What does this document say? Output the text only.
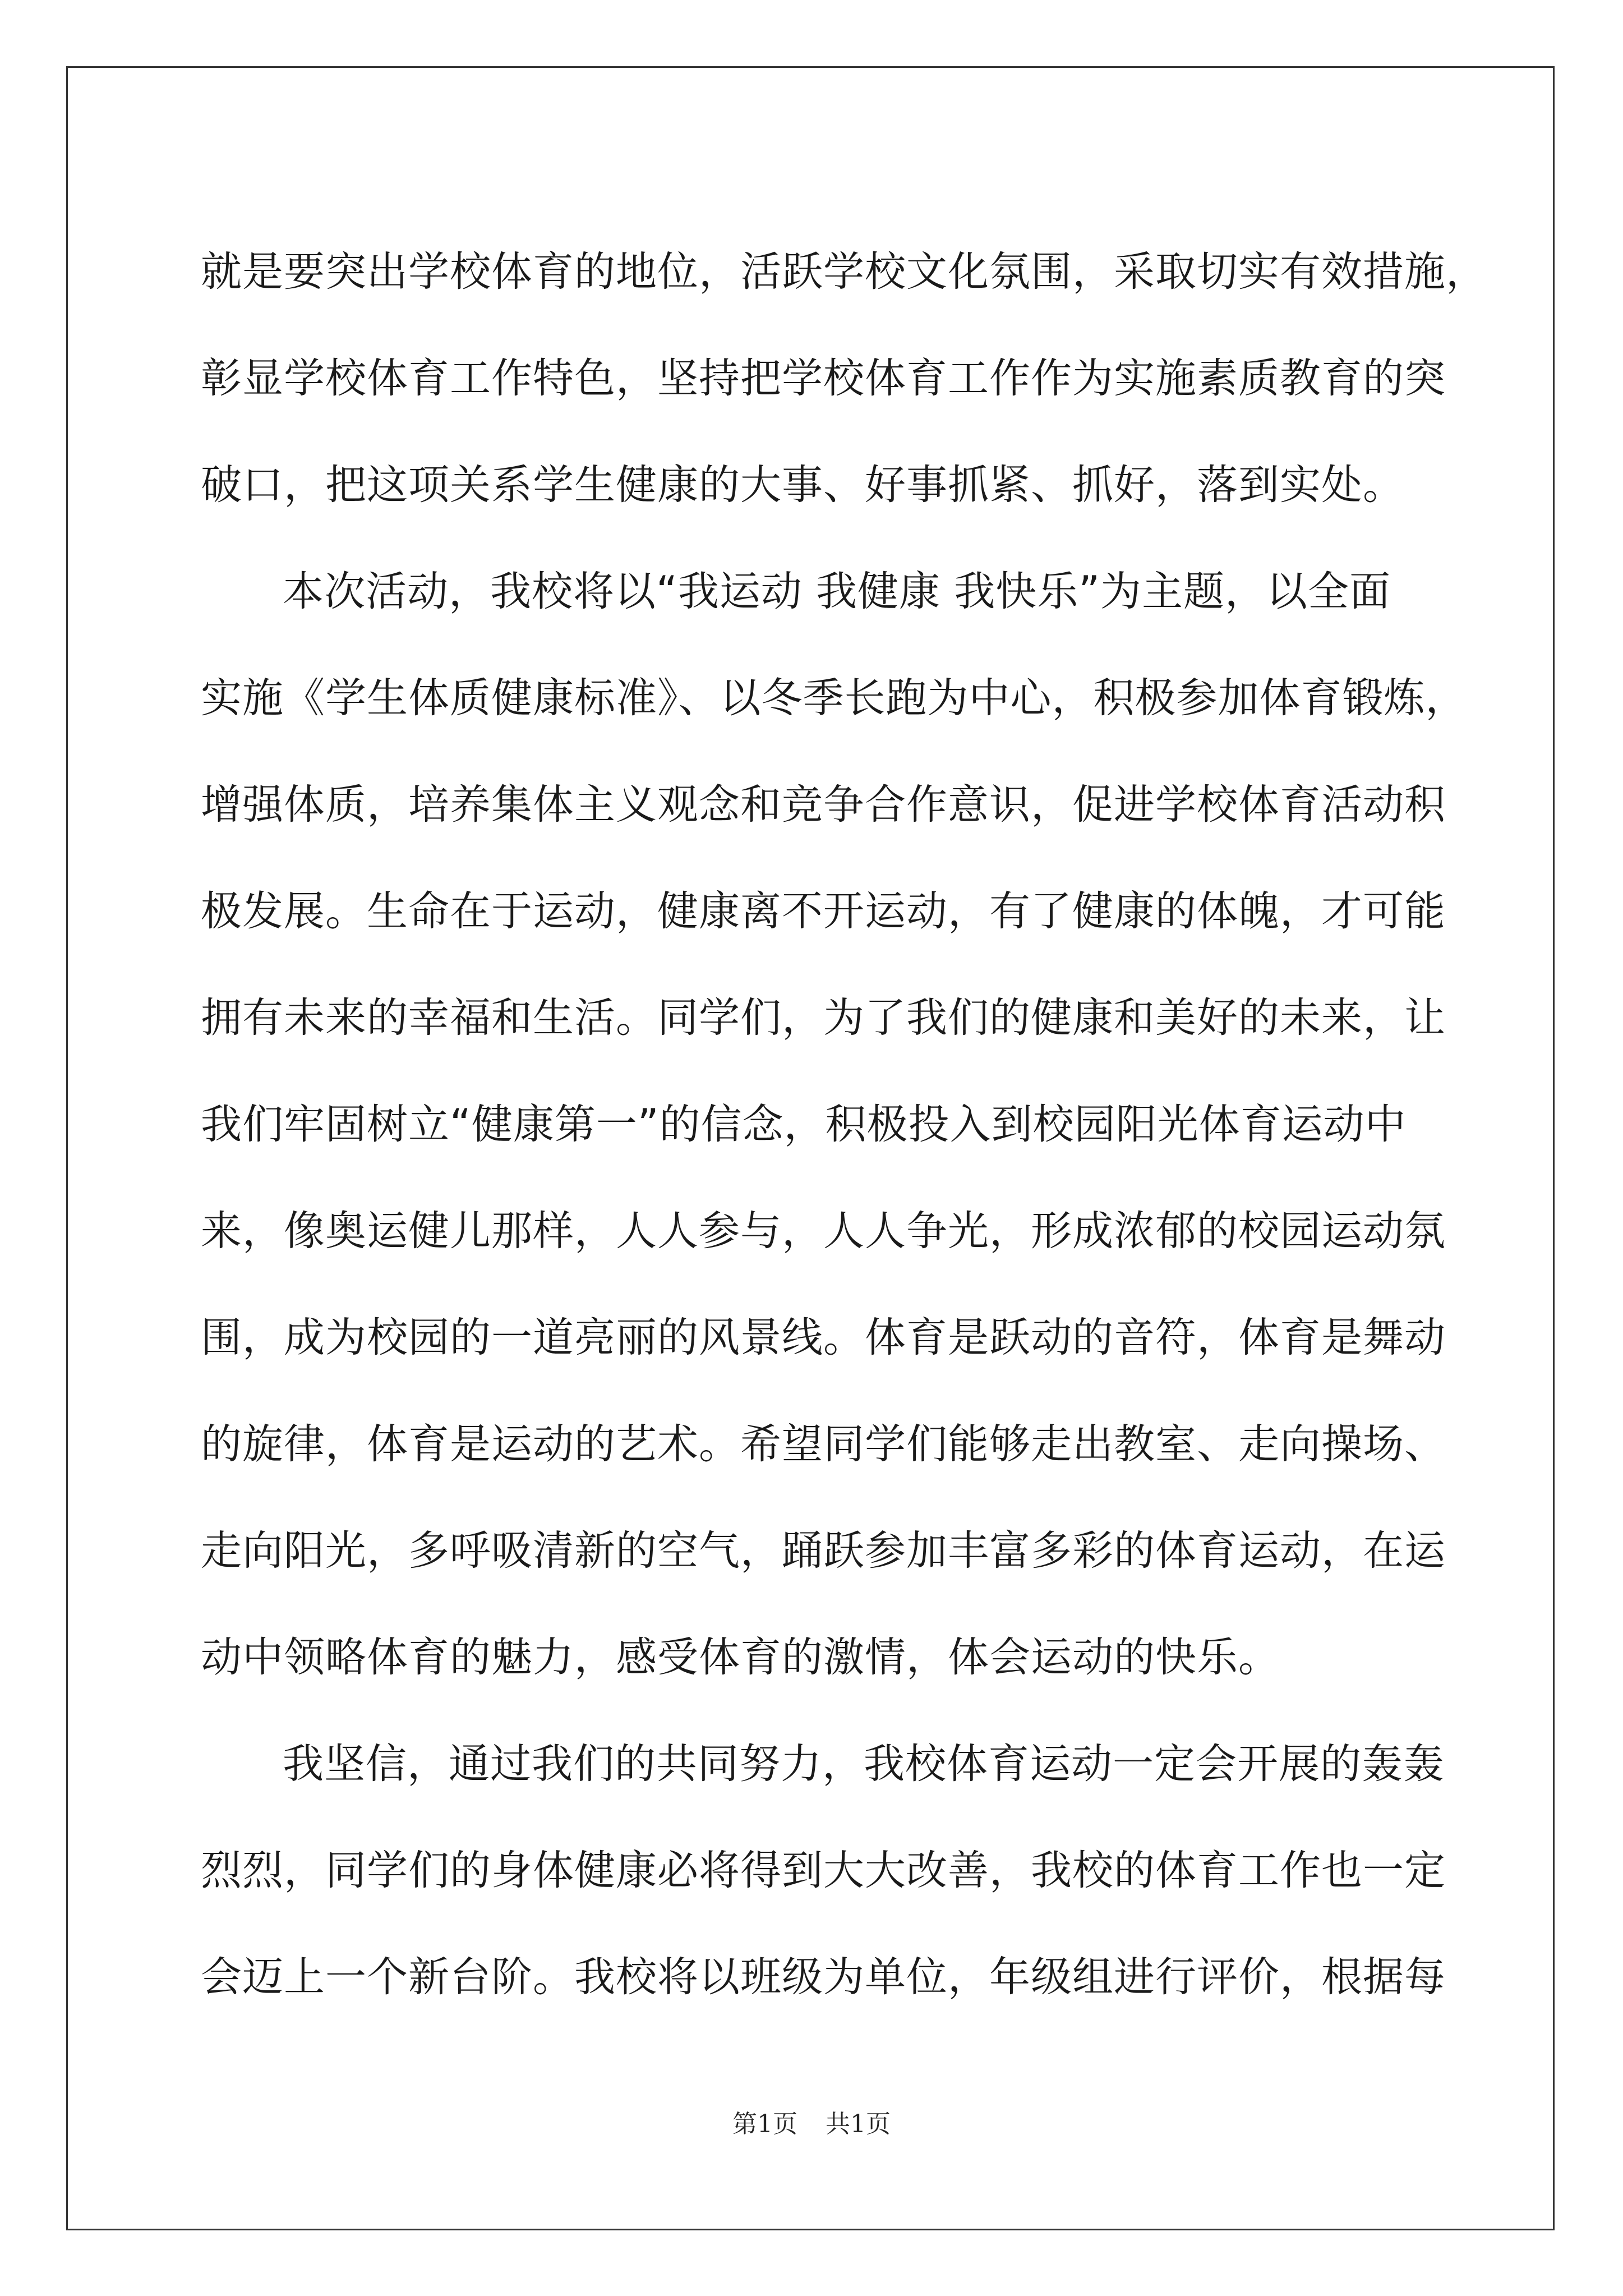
就是要突出学校体育的地位，活跃学校文化氛围，采取切实有效措施，
彰显学校体育工作特色，坚持把学校体育工作作为实施素质教育的突
破口，把这项关系学生健康的大事、好事抓紧、抓好，落到实处。

本次活动，我校将以“我运动 我健康 我快乐”为主题，以全面
实施《学生体质健康标准》、以冬季长跑为中心，积极参加体育锻炼，
增强体质，培养集体主义观念和竞争合作意识，促进学校体育活动积
极发展。生命在于运动，健康离不开运动，有了健康的体魄，才可能
拥有未来的幸福和生活。同学们，为了我们的健康和美好的未来，让
我们牢固树立“健康第一”的信念，积极投入到校园阳光体育运动中
来，像奥运健儿那样，人人参与，人人争光，形成浓郁的校园运动氛
围，成为校园的一道亮丽的风景线。体育是跃动的音符，体育是舞动
的旋律，体育是运动的艺术。希望同学们能够走出教室、走向操场、
走向阳光，多呼吸清新的空气，踊跃参加丰富多彩的体育运动，在运
动中领略体育的魅力，感受体育的激情，体会运动的快乐。

我坚信，通过我们的共同努力，我校体育运动一定会开展的轰轰
烈烈，同学们的身体健康必将得到大大改善，我校的体育工作也一定
会迈上一个新台阶。我校将以班级为单位，年级组进行评价，根据每

第1页 共1页
